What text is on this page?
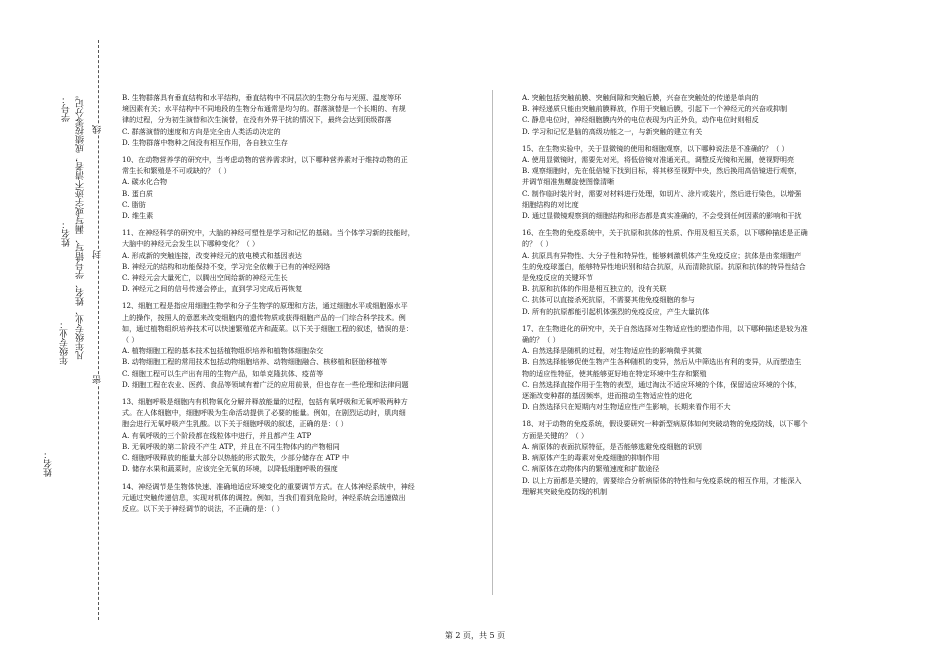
姓名：
年级专业： 凡年级专业、姓名、学号错写、漏写或字迹不清者，成绩按零分记。
姓名：
学号：
密
封
线
B. 生物群落具有垂直结构和水平结构，垂直结构中不同层次的生物分布与光照、温度等环
境因素有关；水平结构中不同地段的生物分布通常是均匀的。群落演替是一个长期的、有规
律的过程，分为初生演替和次生演替，在没有外界干扰的情况下，最终会达到顶级群落
C. 群落演替的速度和方向是完全由人类活动决定的
D. 生物群落中物种之间没有相互作用，各自独立生存
10、在动物营养学的研究中，当考虑动物的营养需求时，以下哪种营养素对于维持动物的正
常生长和繁殖是不可或缺的？（ ）
A. 碳水化合物
B. 蛋白质
C. 脂肪
D. 维生素
11、在神经科学的研究中，大脑的神经可塑性是学习和记忆的基础。当个体学习新的技能时，
大脑中的神经元会发生以下哪种变化？（ ）
A. 形成新的突触连接，改变神经元的放电模式和基因表达
B. 神经元的结构和功能保持不变，学习完全依赖于已有的神经网络
C. 神经元会大量死亡，以腾出空间给新的神经元生长
D. 神经元之间的信号传递会停止，直到学习完成后再恢复
12、细胞工程是指应用细胞生物学和分子生物学的原理和方法，通过细胞水平或细胞器水平
上的操作，按照人的意愿来改变细胞内的遗传物质或获得细胞产品的一门综合科学技术。例
如，通过植物组织培养技术可以快速繁殖花卉和蔬菜。以下关于细胞工程的叙述，错误的是：
（ ）
A. 植物细胞工程的基本技术包括植物组织培养和植物体细胞杂交
B. 动物细胞工程的常用技术包括动物细胞培养、动物细胞融合、核移植和胚胎移植等
C. 细胞工程可以生产出有用的生物产品，如单克隆抗体、疫苗等
D. 细胞工程在农业、医药、食品等领域有着广泛的应用前景，但也存在一些伦理和法律问题
13、细胞呼吸是细胞内有机物氧化分解并释放能量的过程，包括有氧呼吸和无氧呼吸两种方
式。在人体细胞中，细胞呼吸为生命活动提供了必要的能量。例如，在剧烈运动时，肌肉细
胞会进行无氧呼吸产生乳酸。以下关于细胞呼吸的叙述，正确的是：（ ）
A. 有氧呼吸的三个阶段都在线粒体中进行，并且都产生 ATP
B. 无氧呼吸的第二阶段不产生 ATP，并且在不同生物体内的产物相同
C. 细胞呼吸释放的能量大部分以热能的形式散失，少部分储存在 ATP 中
D. 储存水果和蔬菜时，应该完全无氧的环境，以降低细胞呼吸的强度
14、神经调节是生物体快速、准确地适应环境变化的重要调节方式。在人体神经系统中，神经
元通过突触传递信息，实现对机体的调控。例如，当我们看到危险时，神经系统会迅速做出
反应。以下关于神经调节的说法，不正确的是：（ ）
A. 突触包括突触前膜、突触间隙和突触后膜，兴奋在突触处的传递是单向的
B. 神经递质只能由突触前膜释放，作用于突触后膜，引起下一个神经元的兴奋或抑制
C. 静息电位时，神经细胞膜内外的电位表现为内正外负，动作电位时则相反
D. 学习和记忆是脑的高级功能之一，与新突触的建立有关
15、在生物实验中，关于显微镜的使用和细胞观察，以下哪种说法是不准确的？（ ）
A. 使用显微镜时，需要先对光，将低倍镜对准通光孔，调整反光镜和光圈，使视野明亮
B. 观察细胞时，先在低倍镜下找到目标，将其移至视野中央，然后换用高倍镜进行观察，
并调节细准焦螺旋使图像清晰
C. 制作临时装片时，需要对材料进行处理，如切片、涂片或装片，然后进行染色，以增强
细胞结构的对比度
D. 通过显微镜观察到的细胞结构和形态都是真实准确的，不会受到任何因素的影响和干扰
16、在生物的免疫系统中，关于抗原和抗体的性质、作用及相互关系，以下哪种描述是正确
的？（ ）
A. 抗原具有异物性、大分子性和特异性，能够刺激机体产生免疫反应；抗体是由浆细胞产
生的免疫球蛋白，能够特异性地识别和结合抗原，从而清除抗原。抗原和抗体的特异性结合
是免疫反应的关键环节
B. 抗原和抗体的作用是相互独立的，没有关联
C. 抗体可以直接杀死抗原，不需要其他免疫细胞的参与
D. 所有的抗原都能引起机体强烈的免疫反应，产生大量抗体
17、在生物进化的研究中，关于自然选择对生物适应性的塑造作用，以下哪种描述是较为准
确的？（ ）
A. 自然选择是随机的过程，对生物适应性的影响微乎其微
B. 自然选择能够促使生物产生各种随机的变异，然后从中筛选出有利的变异，从而塑造生
物的适应性特征，使其能够更好地在特定环境中生存和繁殖
C. 自然选择直接作用于生物的表型，通过淘汰不适应环境的个体，保留适应环境的个体，
逐渐改变种群的基因频率，进而推动生物适应性的进化
D. 自然选择只在短期内对生物适应性产生影响，长期来看作用不大
18、对于动物的免疫系统，假设要研究一种新型病原体如何突破动物的免疫防线，以下哪个
方面是关键的？（ ）
A. 病原体的表面抗原特征，是否能够逃避免疫细胞的识别
B. 病原体产生的毒素对免疫细胞的抑制作用
C. 病原体在动物体内的繁殖速度和扩散途径
D. 以上方面都是关键的，需要综合分析病原体的特性和与免疫系统的相互作用，才能深入
理解其突破免疫防线的机制
第 2 页，共 5 页
